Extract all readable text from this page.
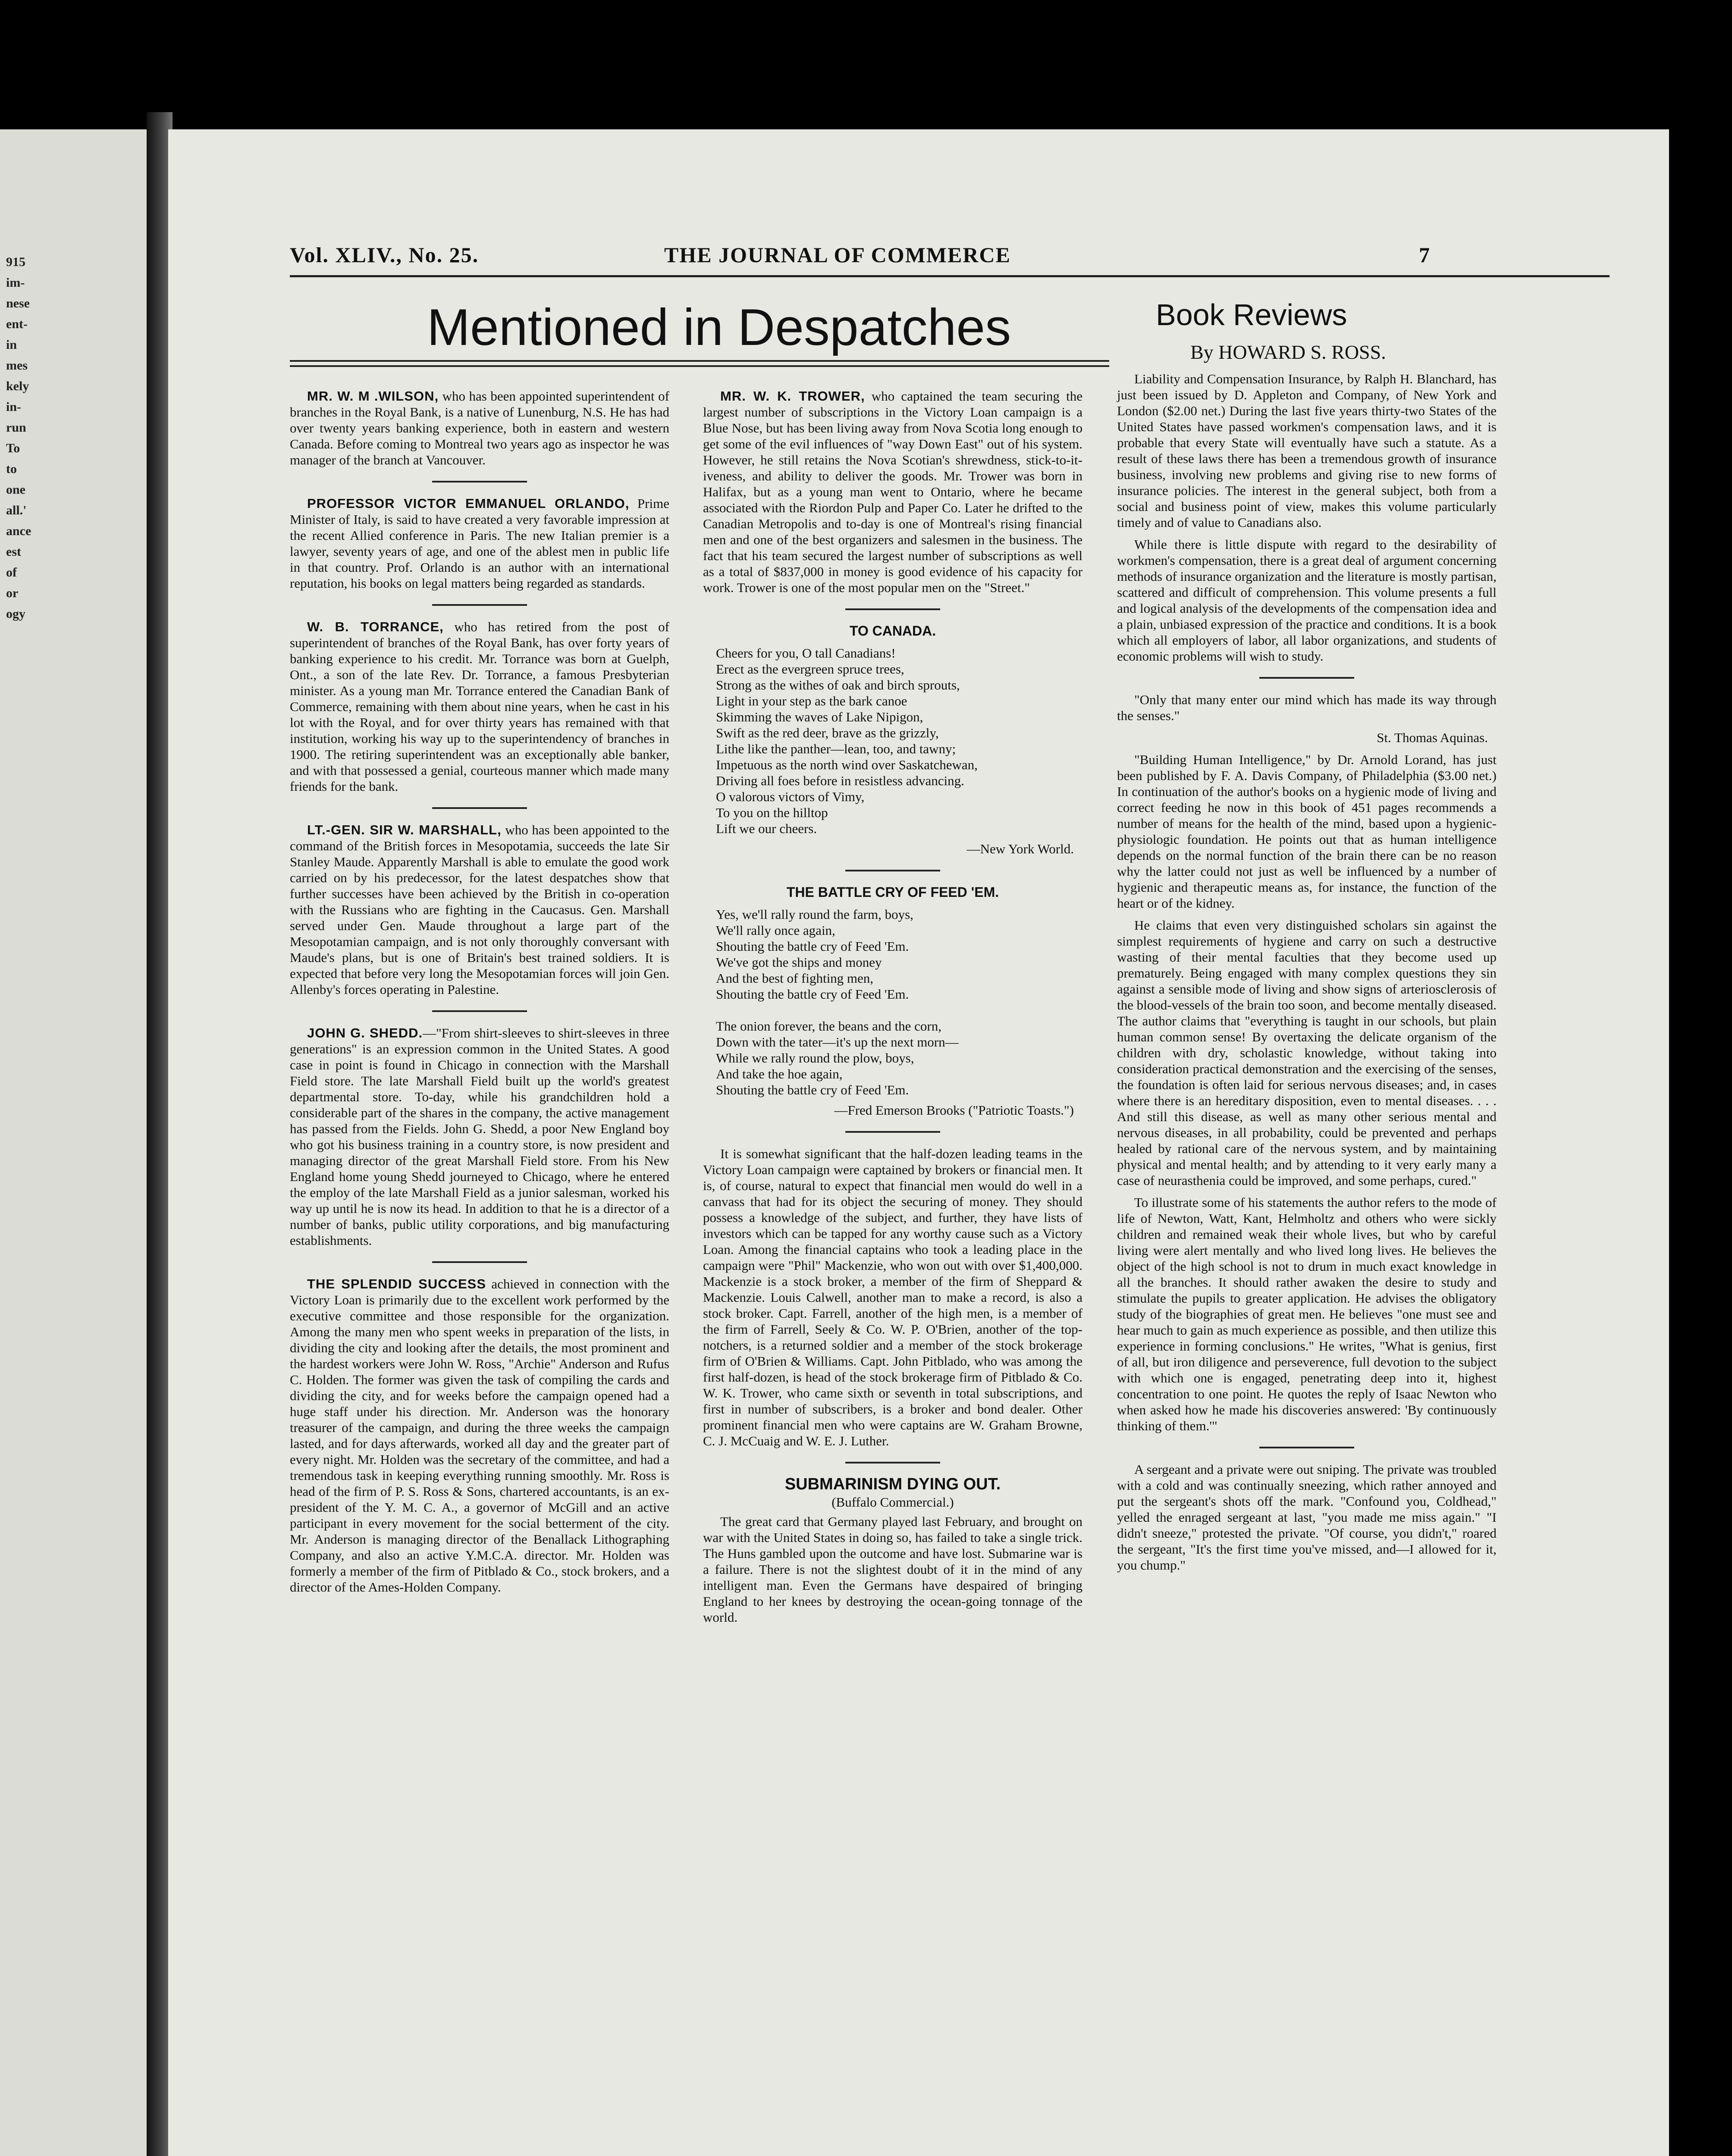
915
im-
nese
ent-
in
mes
kely
in-
run
To
to
one
all.'
ance
est
of
or
ogy
Vol. XLIV., No. 25.	THE JOURNAL OF COMMERCE	7
Mentioned in Despatches	Book Reviews
By HOWARD S. ROSS.

MR. W. M .WILSON, who has been appointed superintendent of branches in the Royal Bank, is a native of Lunenburg, N.S. He has had over twenty years banking experience, both in eastern and western Canada. Before coming to Montreal two years ago as inspector he was manager of the branch at Vancouver.

PROFESSOR VICTOR EMMANUEL ORLANDO, Prime Minister of Italy, is said to have created a very favorable impression at the recent Allied conference in Paris. The new Italian premier is a lawyer, seventy years of age, and one of the ablest men in public life in that country. Prof. Orlando is an author with an international reputation, his books on legal matters being regarded as standards.

W. B. TORRANCE, who has retired from the post of superintendent of branches of the Royal Bank, has over forty years of banking experience to his credit. Mr. Torrance was born at Guelph, Ont., a son of the late Rev. Dr. Torrance, a famous Presbyterian minister. As a young man Mr. Torrance entered the Canadian Bank of Commerce, remaining with them about nine years, when he cast in his lot with the Royal, and for over thirty years has remained with that institution, working his way up to the superintendency of branches in 1900. The retiring superintendent was an exceptionally able banker, and with that possessed a genial, courteous manner which made many friends for the bank.

LT.-GEN. SIR W. MARSHALL, who has been appointed to the command of the British forces in Mesopotamia, succeeds the late Sir Stanley Maude. Apparently Marshall is able to emulate the good work carried on by his predecessor, for the latest despatches show that further successes have been achieved by the British in co-operation with the Russians who are fighting in the Caucasus. Gen. Marshall served under Gen. Maude throughout a large part of the Mesopotamian campaign, and is not only thoroughly conversant with Maude's plans, but is one of Britain's best trained soldiers. It is expected that before very long the Mesopotamian forces will join Gen. Allenby's forces operating in Palestine.

JOHN G. SHEDD.—"From shirt-sleeves to shirt-sleeves in three generations" is an expression common in the United States. A good case in point is found in Chicago in connection with the Marshall Field store. The late Marshall Field built up the world's greatest departmental store. To-day, while his grandchildren hold a considerable part of the shares in the company, the active management has passed from the Fields. John G. Shedd, a poor New England boy who got his business training in a country store, is now president and managing director of the great Marshall Field store. From his New England home young Shedd journeyed to Chicago, where he entered the employ of the late Marshall Field as a junior salesman, worked his way up until he is now its head. In addition to that he is a director of a number of banks, public utility corporations, and big manufacturing establishments.

THE SPLENDID SUCCESS achieved in connection with the Victory Loan is primarily due to the excellent work performed by the executive committee and those responsible for the organization. Among the many men who spent weeks in preparation of the lists, in dividing the city and looking after the details, the most prominent and the hardest workers were John W. Ross, "Archie" Anderson and Rufus C. Holden. The former was given the task of compiling the cards and dividing the city, and for weeks before the campaign opened had a huge staff under his direction. Mr. Anderson was the honorary treasurer of the campaign, and during the three weeks the campaign lasted, and for days afterwards, worked all day and the greater part of every night. Mr. Holden was the secretary of the committee, and had a tremendous task in keeping everything running smoothly. Mr. Ross is head of the firm of P. S. Ross & Sons, chartered accountants, is an ex-president of the Y. M. C. A., a governor of McGill and an active participant in every movement for the social betterment of the city. Mr. Anderson is managing director of the Benallack Lithographing Company, and also an active Y.M.C.A. director. Mr. Holden was formerly a member of the firm of Pitblado & Co., stock brokers, and a director of the Ames-Holden Company.

MR. W. K. TROWER, who captained the team securing the largest number of subscriptions in the Victory Loan campaign is a Blue Nose, but has been living away from Nova Scotia long enough to get some of the evil influences of "way Down East" out of his system. However, he still retains the Nova Scotian's shrewdness, stick-to-it-iveness, and ability to deliver the goods. Mr. Trower was born in Halifax, but as a young man went to Ontario, where he became associated with the Riordon Pulp and Paper Co. Later he drifted to the Canadian Metropolis and to-day is one of Montreal's rising financial men and one of the best organizers and salesmen in the business. The fact that his team secured the largest number of subscriptions as well as a total of $837,000 in money is good evidence of his capacity for work. Trower is one of the most popular men on the "Street."

TO CANADA.
Cheers for you, O tall Canadians!
Erect as the evergreen spruce trees,
Strong as the withes of oak and birch sprouts,
Light in your step as the bark canoe
Skimming the waves of Lake Nipigon,
Swift as the red deer, brave as the grizzly,
Lithe like the panther—lean, too, and tawny;
Impetuous as the north wind over Saskatchewan,
Driving all foes before in resistless advancing.
O valorous victors of Vimy,
To you on the hilltop
Lift we our cheers.
—New York World.
THE BATTLE CRY OF FEED 'EM.
Yes, we'll rally round the farm, boys,
We'll rally once again,
Shouting the battle cry of Feed 'Em.
We've got the ships and money
And the best of fighting men,
Shouting the battle cry of Feed 'Em.

The onion forever, the beans and the corn,
Down with the tater—it's up the next morn—
While we rally round the plow, boys,
And take the hoe again,
Shouting the battle cry of Feed 'Em.
—Fred Emerson Brooks ("Patriotic Toasts.")

It is somewhat significant that the half-dozen leading teams in the Victory Loan campaign were captained by brokers or financial men. It is, of course, natural to expect that financial men would do well in a canvass that had for its object the securing of money. They should possess a knowledge of the subject, and further, they have lists of investors which can be tapped for any worthy cause such as a Victory Loan. Among the financial captains who took a leading place in the campaign were "Phil" Mackenzie, who won out with over $1,400,000. Mackenzie is a stock broker, a member of the firm of Sheppard & Mackenzie. Louis Calwell, another man to make a record, is also a stock broker. Capt. Farrell, another of the high men, is a member of the firm of Farrell, Seely & Co. W. P. O'Brien, another of the top-notchers, is a returned soldier and a member of the stock brokerage firm of O'Brien & Williams. Capt. John Pitblado, who was among the first half-dozen, is head of the stock brokerage firm of Pitblado & Co. W. K. Trower, who came sixth or seventh in total subscriptions, and first in number of subscribers, is a broker and bond dealer. Other prominent financial men who were captains are W. Graham Browne, C. J. McCuaig and W. E. J. Luther.

SUBMARINISM DYING OUT.
(Buffalo Commercial.)

The great card that Germany played last February, and brought on war with the United States in doing so, has failed to take a single trick. The Huns gambled upon the outcome and have lost. Submarine war is a failure. There is not the slightest doubt of it in the mind of any intelligent man. Even the Germans have despaired of bringing England to her knees by destroying the ocean-going tonnage of the world.

Liability and Compensation Insurance, by Ralph H. Blanchard, has just been issued by D. Appleton and Company, of New York and London ($2.00 net.) During the last five years thirty-two States of the United States have passed workmen's compensation laws, and it is probable that every State will eventually have such a statute. As a result of these laws there has been a tremendous growth of insurance business, involving new problems and giving rise to new forms of insurance policies. The interest in the general subject, both from a social and business point of view, makes this volume particularly timely and of value to Canadians also.

While there is little dispute with regard to the desirability of workmen's compensation, there is a great deal of argument concerning methods of insurance organization and the literature is mostly partisan, scattered and difficult of comprehension. This volume presents a full and logical analysis of the developments of the compensation idea and a plain, unbiased expression of the practice and conditions. It is a book which all employers of labor, all labor organizations, and students of economic problems will wish to study.

"Only that many enter our mind which has made its way through the senses."

St. Thomas Aquinas.

"Building Human Intelligence," by Dr. Arnold Lorand, has just been published by F. A. Davis Company, of Philadelphia ($3.00 net.) In continuation of the author's books on a hygienic mode of living and correct feeding he now in this book of 451 pages recommends a number of means for the health of the mind, based upon a hygienic-physiologic foundation. He points out that as human intelligence depends on the normal function of the brain there can be no reason why the latter could not just as well be influenced by a number of hygienic and therapeutic means as, for instance, the function of the heart or of the kidney.

He claims that even very distinguished scholars sin against the simplest requirements of hygiene and carry on such a destructive wasting of their mental faculties that they become used up prematurely. Being engaged with many complex questions they sin against a sensible mode of living and show signs of arteriosclerosis of the blood-vessels of the brain too soon, and become mentally diseased. The author claims that "everything is taught in our schools, but plain human common sense! By overtaxing the delicate organism of the children with dry, scholastic knowledge, without taking into consideration practical demonstration and the exercising of the senses, the foundation is often laid for serious nervous diseases; and, in cases where there is an hereditary disposition, even to mental diseases. . . . And still this disease, as well as many other serious mental and nervous diseases, in all probability, could be prevented and perhaps healed by rational care of the nervous system, and by maintaining physical and mental health; and by attending to it very early many a case of neurasthenia could be improved, and some perhaps, cured."

To illustrate some of his statements the author refers to the mode of life of Newton, Watt, Kant, Helmholtz and others who were sickly children and remained weak their whole lives, but who by careful living were alert mentally and who lived long lives. He believes the object of the high school is not to drum in much exact knowledge in all the branches. It should rather awaken the desire to study and stimulate the pupils to greater application. He advises the obligatory study of the biographies of great men. He believes "one must see and hear much to gain as much experience as possible, and then utilize this experience in forming conclusions." He writes, "What is genius, first of all, but iron diligence and perseverence, full devotion to the subject with which one is engaged, penetrating deep into it, highest concentration to one point. He quotes the reply of Isaac Newton who when asked how he made his discoveries answered: 'By continuously thinking of them.'"

A sergeant and a private were out sniping. The private was troubled with a cold and was continually sneezing, which rather annoyed and put the sergeant's shots off the mark. "Confound you, Coldhead," yelled the enraged sergeant at last, "you made me miss again." "I didn't sneeze," protested the private. "Of course, you didn't," roared the sergeant, "It's the first time you've missed, and—I allowed for it, you chump."
